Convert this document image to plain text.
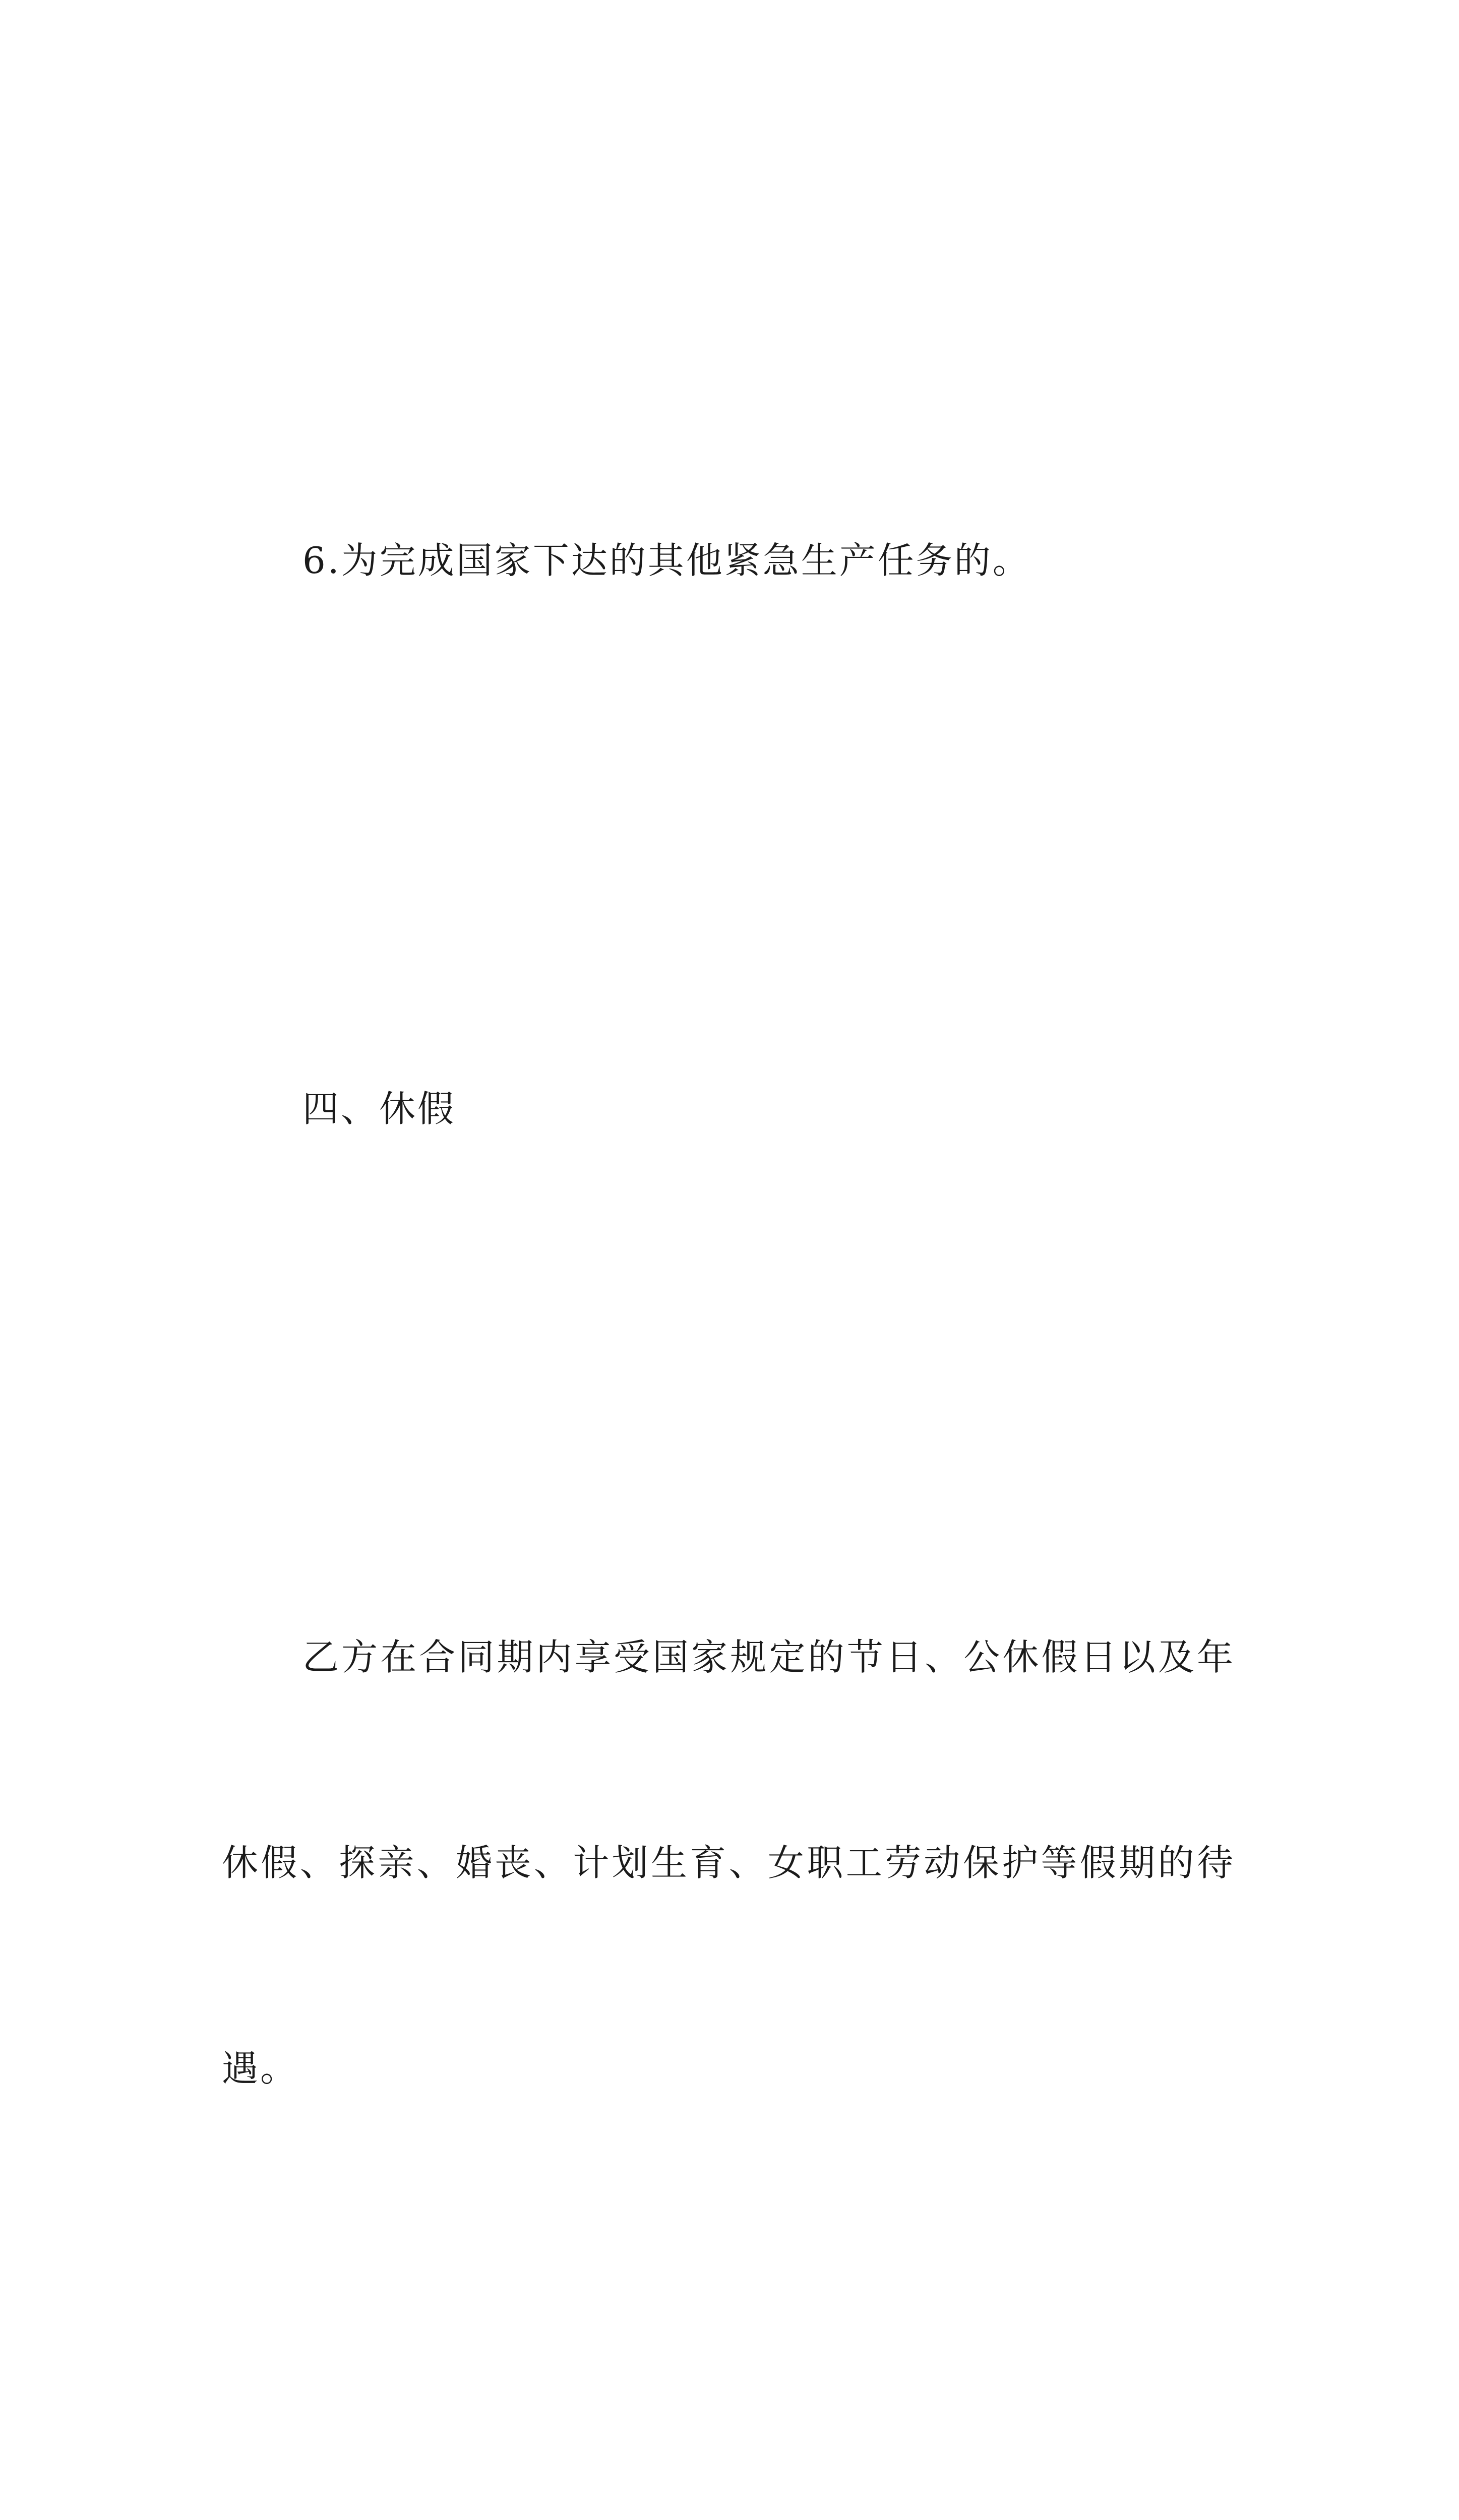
6.为完成国家下达的其他紧急生产任务的。

四、休假

乙方在合同期内享受国家规定的节日、公休假日以及年

休假、探亲、婚丧、计划生育、女职工劳动保护等假期的待

遇。
